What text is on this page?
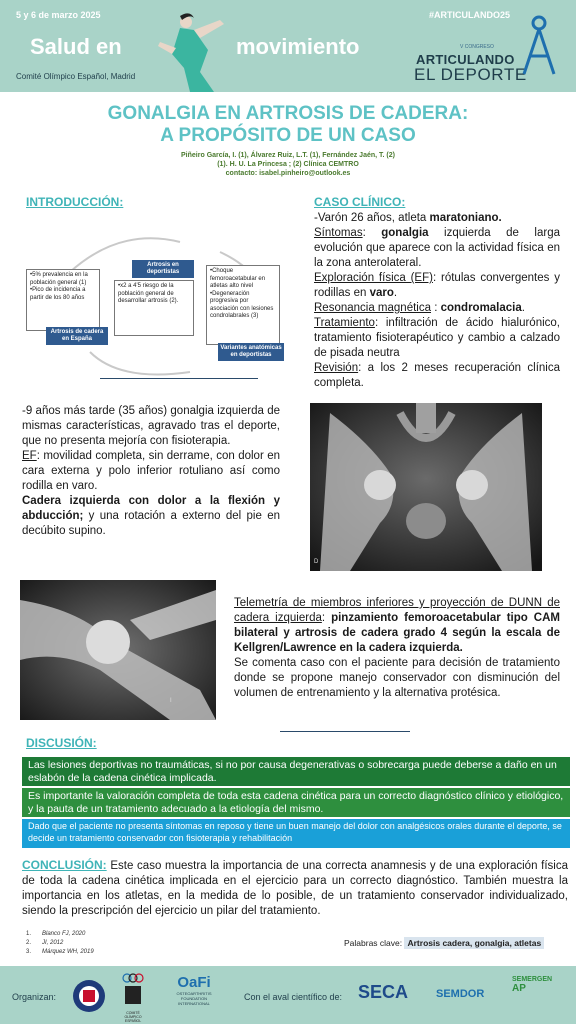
5 y 6 de marzo 2025	#ARTICULANDO25
Salud en	movimiento
Comité Olímpico Español, Madrid
V CONGRESO
ARTICULANDO
EL DEPORTE
GONALGIA EN ARTROSIS DE CADERA:
A PROPÓSITO DE UN CASO
Piñeiro García, I. (1), Álvarez Ruiz, L.T. (1), Fernández Jaén, T. (2)
(1). H. U. La Princesa ; (2) Clínica CEMTRO
contacto: isabel.pinheiro@outlook.es
INTRODUCCIÓN:
•5% prevalencia en la población general (1)
•Pico de incidencia a partir de los 80 años
Artrosis de cadera en España
Artrosis en deportistas
•x2 a 4'5 riesgo de la población general de desarrollar artrosis (2).
•Choque femoroacetabular en atletas alto nivel
•Degeneración progresiva por asociación con lesiones condrolabrales (3)
Variantes anatómicas en deportistas
CASO CLÍNICO:
-Varón 26 años, atleta maratoniano.
Síntomas: gonalgia izquierda de larga evolución que aparece con la actividad física en la zona anterolateral.
Exploración física (EF): rótulas convergentes y rodillas en varo.
Resonancia magnética : condromalacia.
Tratamiento: infiltración de ácido hialurónico, tratamiento fisioterapéutico y cambio a calzado de pisada neutra
Revisión: a los 2 meses recuperación clínica completa.
-9 años más tarde (35 años) gonalgia izquierda de mismas características, agravado tras el deporte, que no presenta mejoría con fisioterapia.
EF: movilidad completa, sin derrame, con dolor en cara externa y polo inferior rotuliano así como rodilla en varo.
Cadera izquierda con dolor a la flexión y abducción; y una rotación a externo del pie en decúbito supino.
D
I
Telemetría de miembros inferiores y proyección de DUNN de cadera izquierda: pinzamiento femoroacetabular tipo CAM bilateral y artrosis de cadera grado 4 según la escala de Kellgren/Lawrence en la cadera izquierda.
Se comenta caso con el paciente para decisión de tratamiento donde se propone manejo conservador con disminución del volumen de entrenamiento y la alternativa protésica.
DISCUSIÓN:
Las lesiones deportivas no traumáticas, si no por causa degenerativas o sobrecarga puede deberse a daño en un eslabón de la cadena cinética implicada.
Es importante la valoración completa de toda esta cadena cinética para un correcto diagnóstico clínico y etiológico, y la pauta de un tratamiento adecuado a la etiología del mismo.
Dado que el paciente no presenta síntomas en reposo y tiene un buen manejo del dolor con analgésicos orales durante el deporte, se decide un tratamiento conservador con fisioterapia y rehabilitación
CONCLUSIÓN: Este caso muestra la importancia de una correcta anamnesis y de una exploración física de toda la cadena cinética implicada en el ejercicio para un correcto diagnóstico. También muestra la importancia en los atletas, en la medida de lo posible, de un tratamiento conservador individualizado, siendo la prescripción del ejercicio un pilar del tratamiento.
1. Blanco FJ, 2020
2. JI, 2012
3. Márquez WH, 2019
Palabras clave: Artrosis cadera, gonalgia, atletas
Organizan:
COMITÉ OLÍMPICO ESPAÑOL
OaFi
OSTEOARTHRITIS
FOUNDATION
INTERNATIONAL
Con el aval científico de: SECA	SEMDOR
SEMERGEN
AP
